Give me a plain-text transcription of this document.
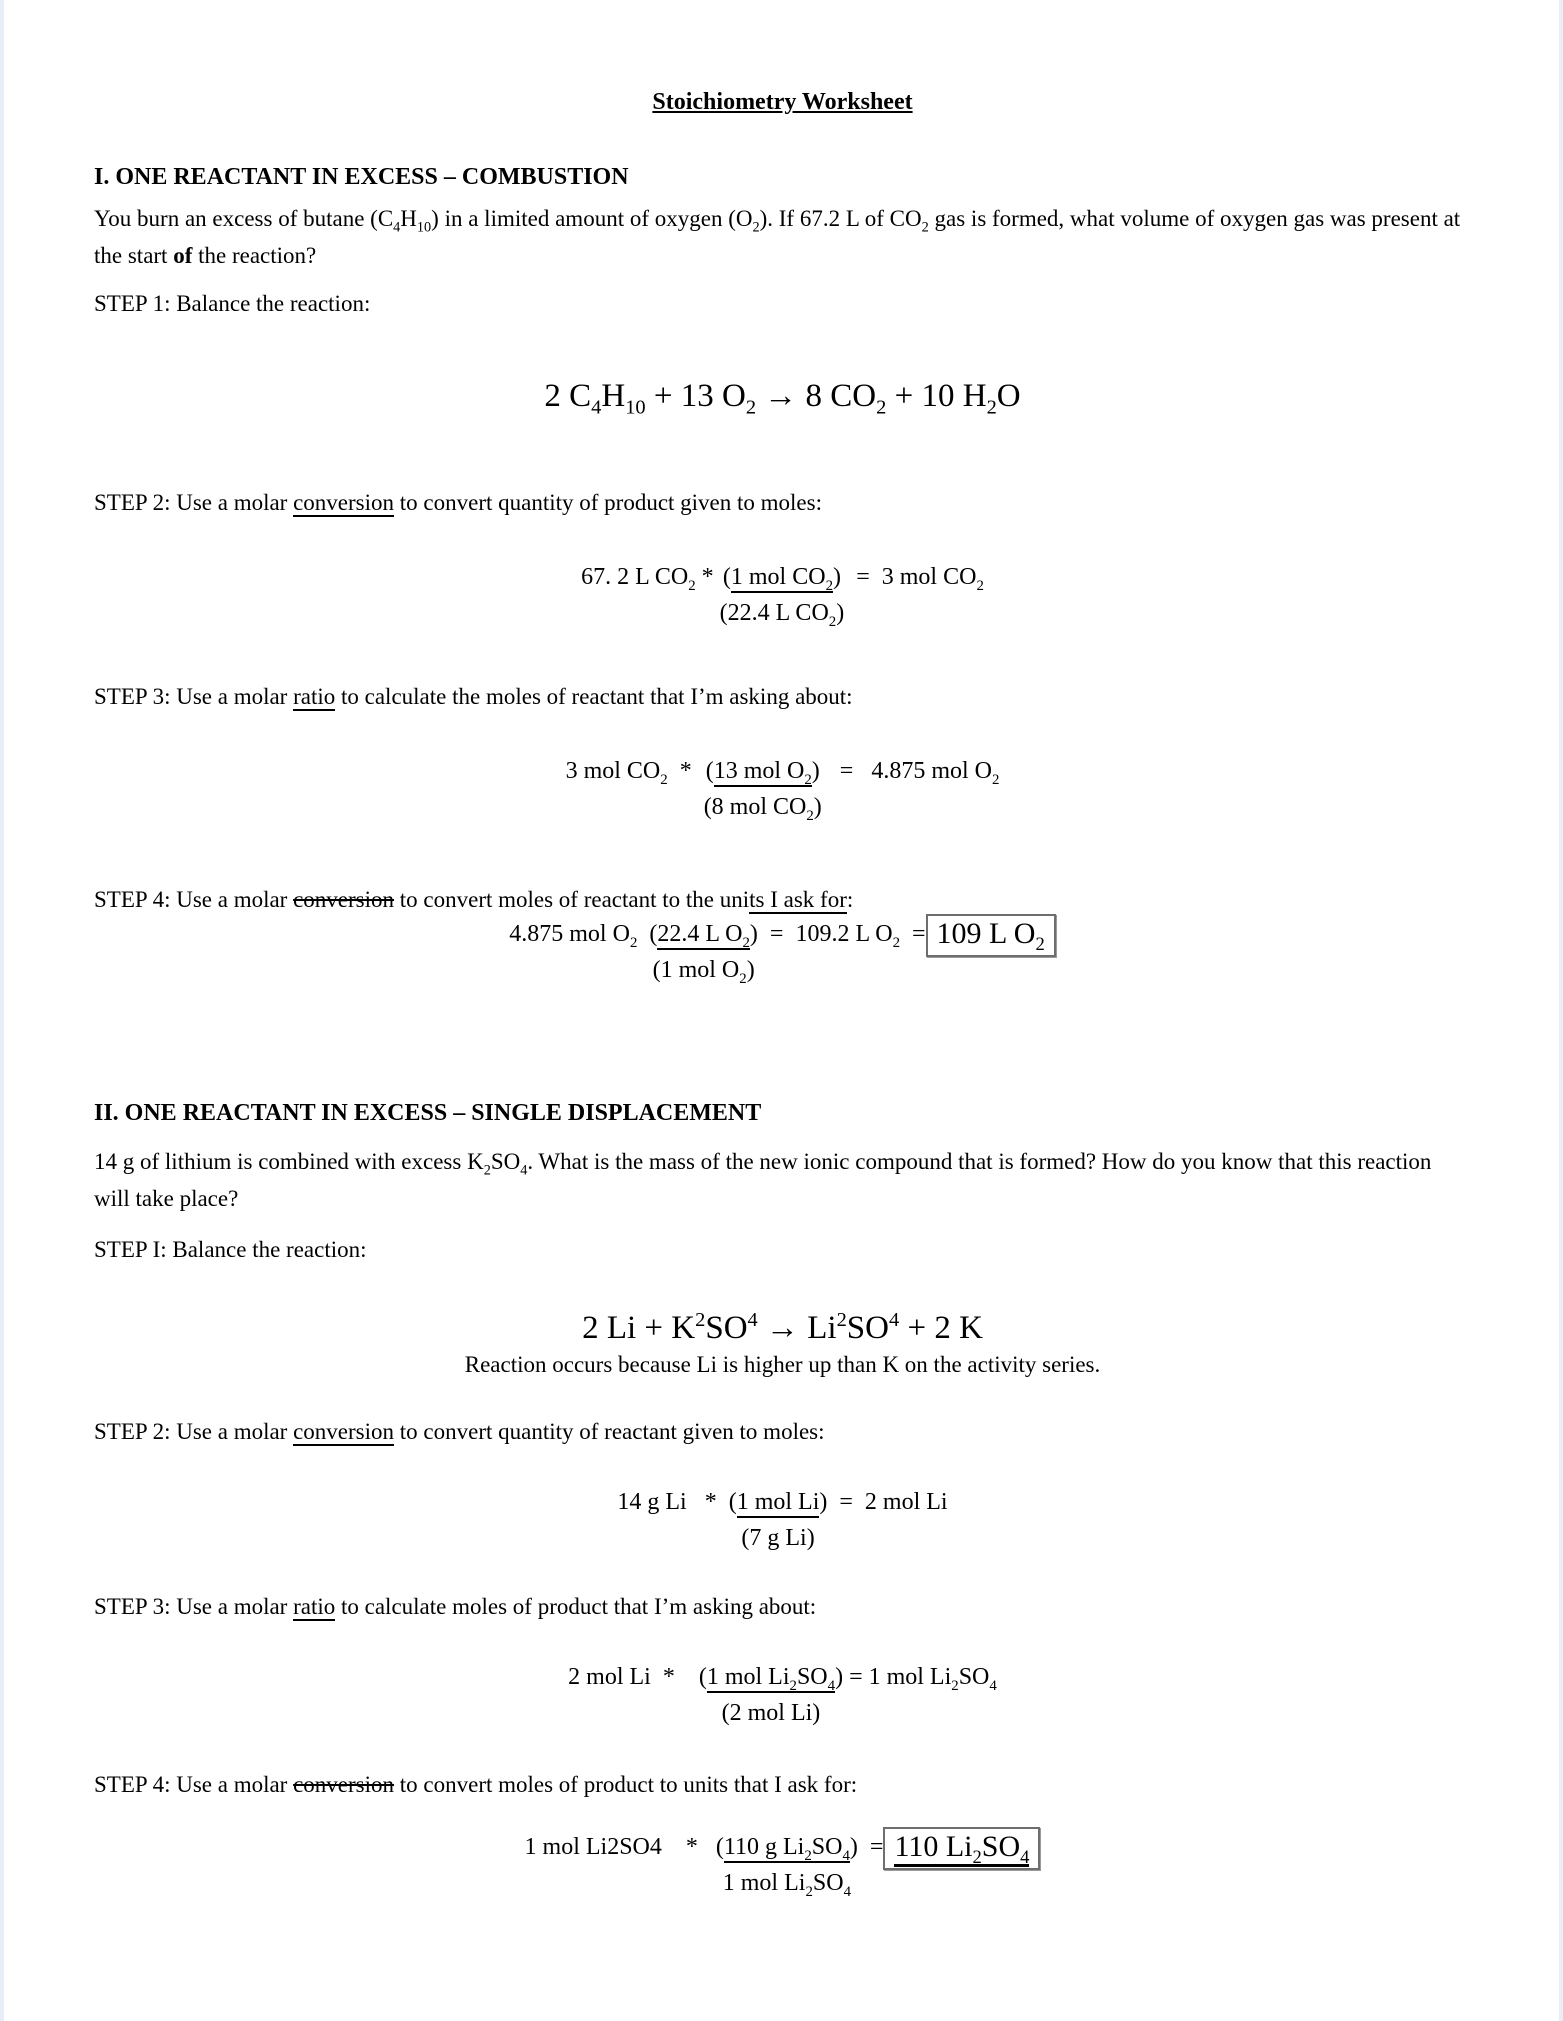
Stoichiometry Worksheet
I. ONE REACTANT IN EXCESS – COMBUSTION
You burn an excess of butane $(C_4H_{10})$ in a limited amount of oxygen $(O_2)$. If 67.2 L of $CO_2$ gas is formed, what volume of oxygen gas was present at the start of the reaction?
STEP 1: Balance the reaction:
2 $C_4H_{10} + 13$ $O_2 \to 8$ $CO_2 + 10$ $H_2O$
STEP 2: Use a molar conversion to convert quantity of product given to moles:
67. 2 L $CO_2 * (1$ mol $CO_2$)
(22.4 L $CO_2$)
=  3 mol $CO_2$
STEP 3: Use a molar ratio to calculate the moles of reactant that I’m asking about:
3 mol $CO_2 * (13$ mol $O_2$)
(8 mol $CO_2$)
=   4.875 mol $O_2$
STEP 4: Use a molar conversion to convert moles of reactant to the units I ask for:
4.875 mol $O_2$ (22.4 L $O_2$)
(1 mol $O_2$)
=  109.2 L $O_2 = 109$ L $O_2$
II. ONE REACTANT IN EXCESS – SINGLE DISPLACEMENT
14 g of lithium is combined with excess $K_2SO_4$. What is the mass of the new ionic compound that is formed? How do you know that this reaction will take place?
STEP I: Balance the reaction:
2 $Li + K^2SO^4 \to Li^2SO^4 + 2$ K
Reaction occurs because Li is higher up than K on the activity series.
STEP 2: Use a molar conversion to convert quantity of reactant given to moles:
14 g Li   * (1 mol Li)
(7 g Li)
=  2 mol Li
STEP 3: Use a molar ratio to calculate moles of product that I’m asking about:
2 mol Li  * (1 mol $Li_2SO_4$)
(2 mol Li)
= 1 mol $Li_2SO_4$
STEP 4: Use a molar conversion to convert moles of product to units that I ask for:
1 mol Li2SO4    * (110 g $Li_2SO_4$)
1 mol $Li_2SO_4$
= 110 $Li_2SO_4$
